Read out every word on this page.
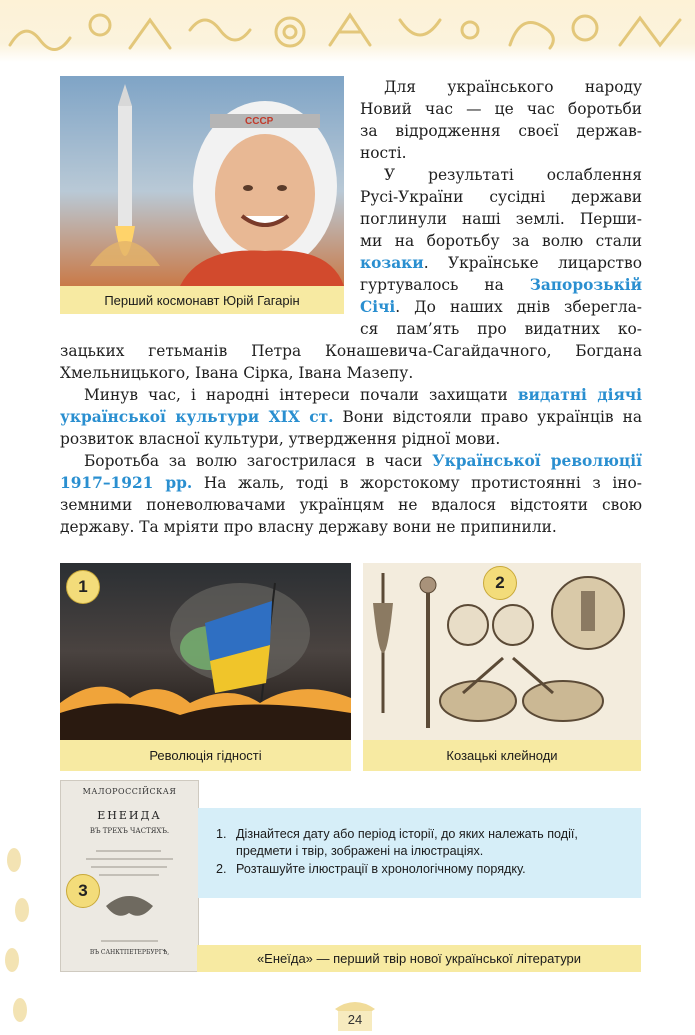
СССР
Перший космонавт Юрій Гагарін
Для українського народу
Новий час — це час боротьби
за відродження своєї держав-
ності.
У результаті ослаблення
Русі-України сусідні держави
поглинули наші землі. Перши-
ми на боротьбу за волю стали
козаки. Українське лицарство
гуртувалось на Запорозькій
Січі. До наших днів збереглa-
ся пам’ять про видатних ко-
зацьких гетьманів Петра Конашевича-Сагайдачного, Богдана
Хмельницького, Івана Сірка, Івана Мазепу.
Минув час, і народні інтереси почали захищати видатні діячі
української культури XIX ст. Вони відстояли право українців на
розвиток власної культури, утвердження рідної мови.
Боротьба за волю загострилася в часи Української революції
1917–1921 рр. На жаль, тоді в жорстокому протистоянні з іно-
земними поневолювачами українцям не вдалося відстояти свою
державу. Та мріяти про власну державу вони не припинили.
1
Революція гідності
2
Козацькі клейноди
МАЛОРОССІЙСКАЯ
ЕНЕИДА
ВЪ ТРЕХЪ ЧАСТЯХЪ.
ВЪ САНКТПЕТЕРБУРГѢ,
3
«Енеїда» — перший твір нової української літератури
1. Дізнайтеся дату або період історії, до яких належать події, предмети і твір, зображені на ілюстраціях.
2. Розташуйте ілюстрації в хронологічному порядку.
24
